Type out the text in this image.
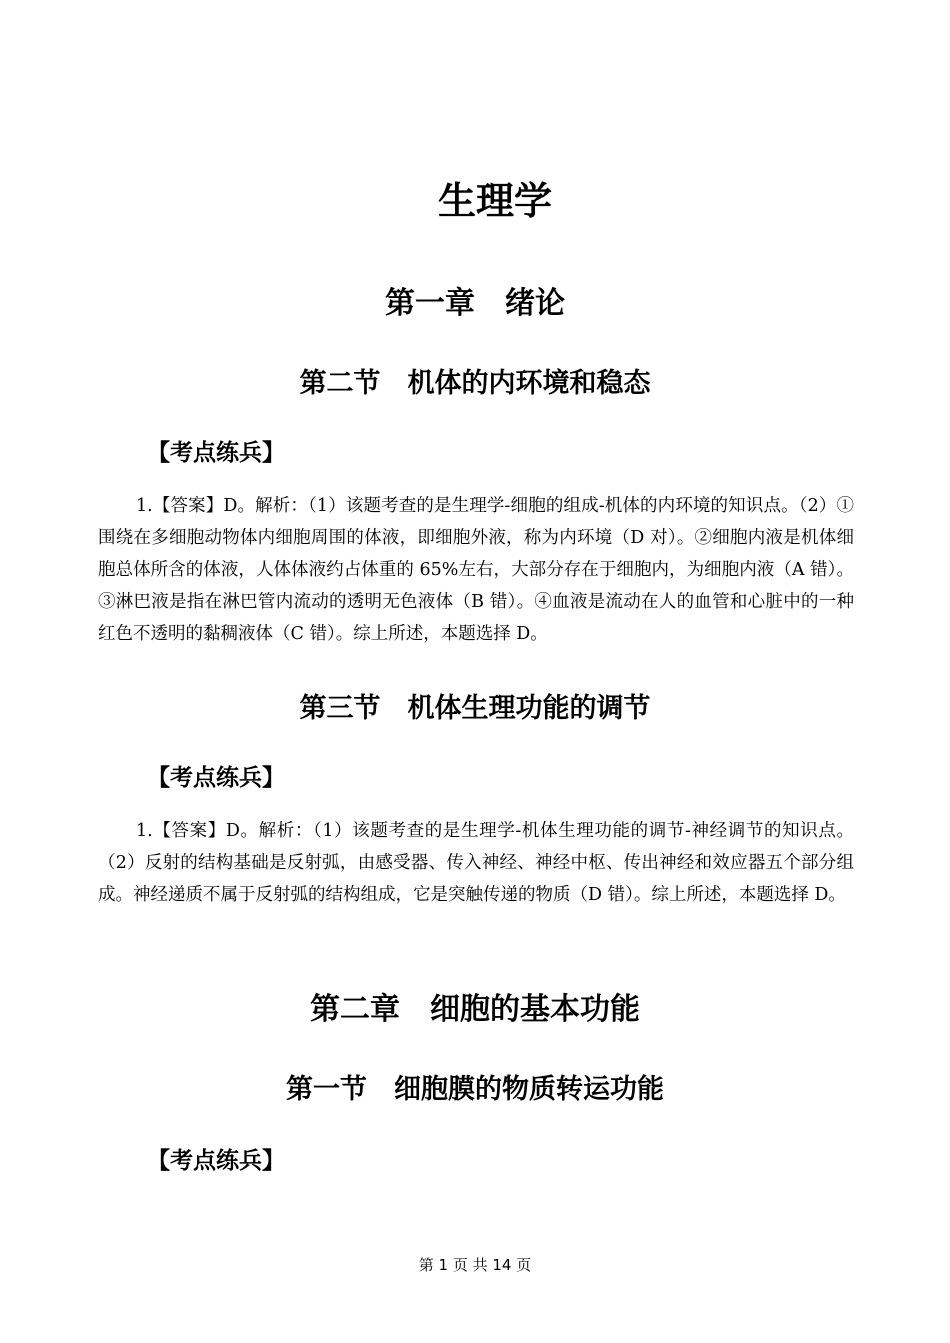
生理学
第一章　绪论
第二节　机体的内环境和稳态
【考点练兵】

1.【答案】D。解析：（1）该题考查的是生理学-细胞的组成-机体的内环境的知识点。（2）①围绕在多细胞动物体内细胞周围的体液，即细胞外液，称为内环境（D 对）。②细胞内液是机体细胞总体所含的体液，人体体液约占体重的 65%左右，大部分存在于细胞内，为细胞内液（A 错）。③淋巴液是指在淋巴管内流动的透明无色液体（B 错）。④血液是流动在人的血管和心脏中的一种红色不透明的黏稠液体（C 错）。综上所述，本题选择 D。

第三节　机体生理功能的调节
【考点练兵】

1.【答案】D。解析：（1）该题考查的是生理学-机体生理功能的调节-神经调节的知识点。（2）反射的结构基础是反射弧，由感受器、传入神经、神经中枢、传出神经和效应器五个部分组成。神经递质不属于反射弧的结构组成，它是突触传递的物质（D 错）。综上所述，本题选择 D。

第二章　细胞的基本功能
第一节　细胞膜的物质转运功能
【考点练兵】
第 1 页 共 14 页
